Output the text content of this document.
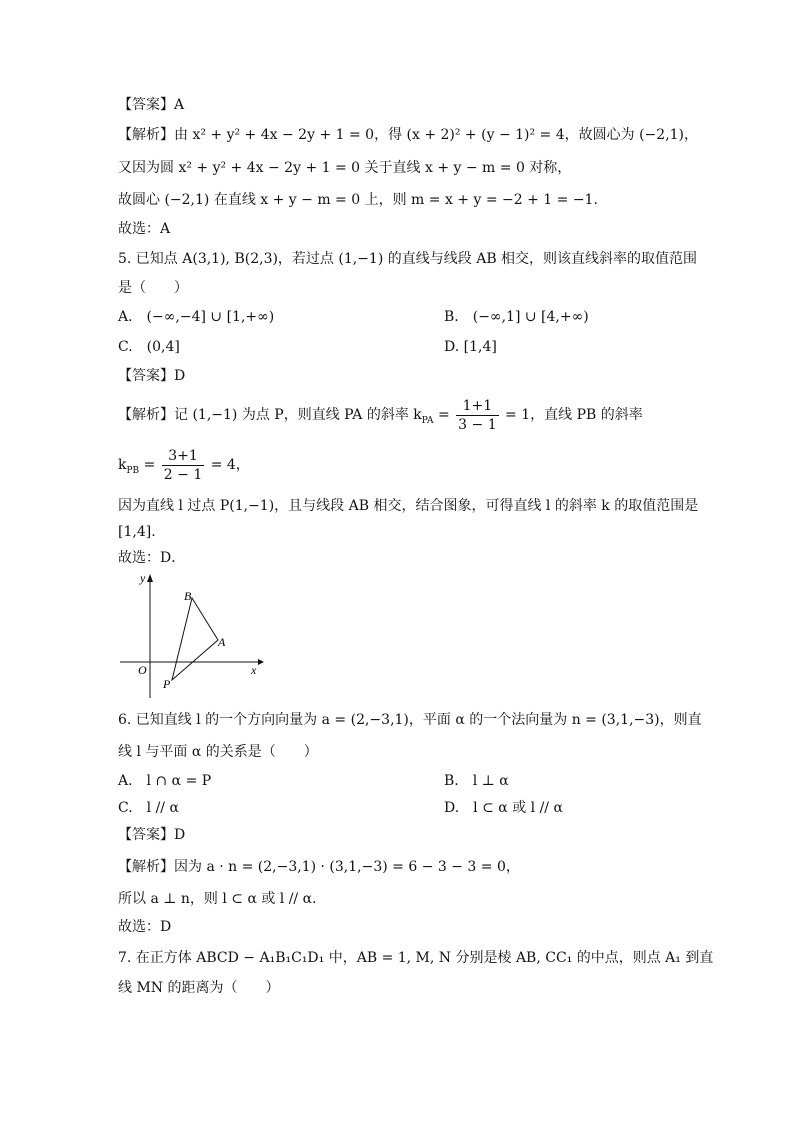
【答案】A
【解析】由 x² + y² + 4x − 2y + 1 = 0，得 (x + 2)² + (y − 1)² = 4，故圆心为 (−2,1)，
又因为圆 x² + y² + 4x − 2y + 1 = 0 关于直线 x + y − m = 0 对称，
故圆心 (−2,1) 在直线 x + y − m = 0 上，则 m = x + y = −2 + 1 = −1.
故选：A
5. 已知点 A(3,1), B(2,3)，若过点 (1,−1) 的直线与线段 AB 相交，则该直线斜率的取值范围
是（　　）
A.　(−∞,−4] ∪ [1,+∞)	B.　(−∞,1] ∪ [4,+∞)
C.　(0,4]	D. [1,4]
【答案】D
【解析】记 (1,−1) 为点 P，则直线 PA 的斜率 $k_{PA} = \frac{1+1}{3 - 1} = 1$，直线 PB 的斜率
$k_{PB} = \frac{3+1}{2 - 1} = 4$，
因为直线 l 过点 P(1,−1)，且与线段 AB 相交，结合图象，可得直线 l 的斜率 k 的取值范围是
[1,4].
故选：D．
y
x
O
B
A
P
6. 已知直线 l 的一个方向向量为 a = (2,−3,1)，平面 α 的一个法向量为 n = (3,1,−3)，则直
线 l 与平面 α 的关系是（　　）
A.　l ∩ α = P	B.　l ⊥ α
C.　l // α	D.　l ⊂ α 或 l // α
【答案】D
【解析】因为 a · n = (2,−3,1) · (3,1,−3) = 6 − 3 − 3 = 0，
所以 a ⊥ n，则 l ⊂ α 或 l // α.
故选：D
7. 在正方体 ABCD − A₁B₁C₁D₁ 中，AB = 1, M, N 分别是棱 AB, CC₁ 的中点，则点 A₁ 到直
线 MN 的距离为（　　）
